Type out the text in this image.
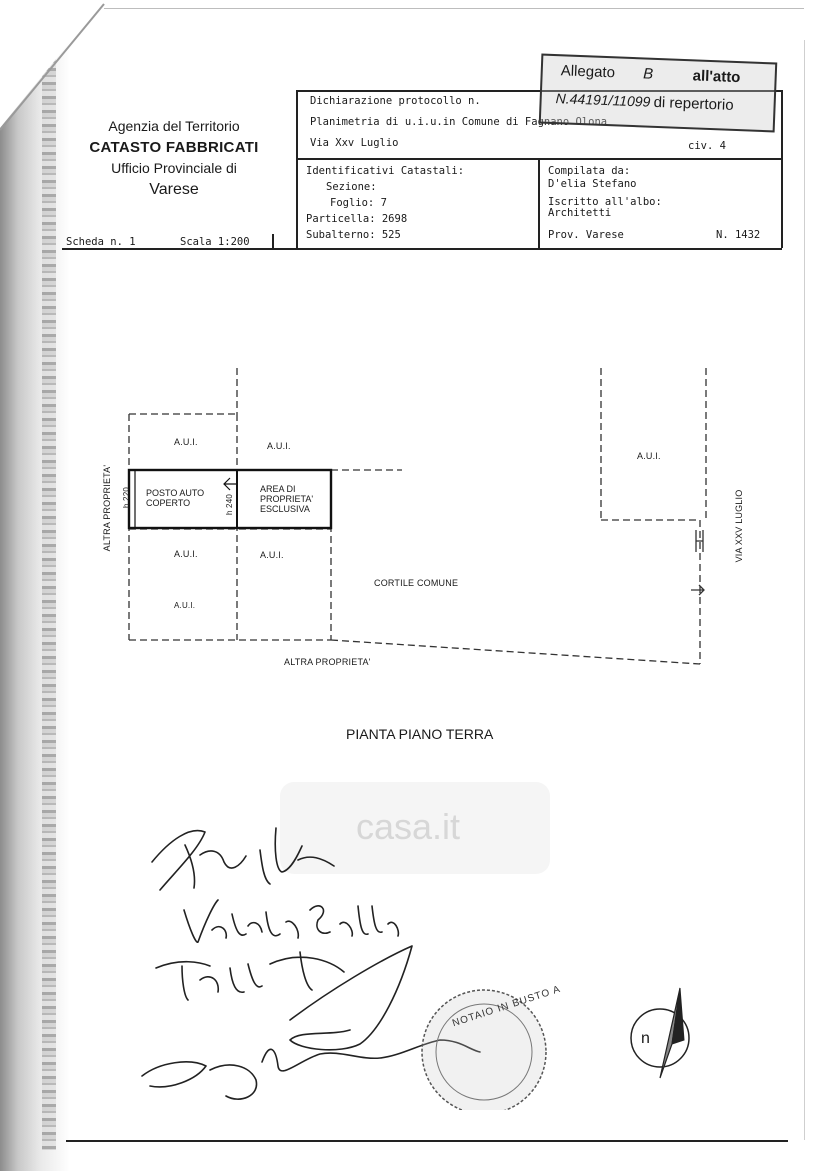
Agenzia del Territorio
CATASTO FABBRICATI
Ufficio Provinciale di
Varese
Scheda n. 1	Scala 1:200
Dichiarazione protocollo n.
Planimetria di u.i.u.in Comune di Fagnano Olona
Via Xxv Luglio	civ. 4
Identificativi Catastali:
Sezione:
Foglio: 7
Particella: 2698
Subalterno: 525
Compilata da:
D'elia Stefano
Iscritto all'albo:
Architetti
Prov. Varese	N. 1432
Allegato B	all'atto
N.44191/11099 di repertorio
A.U.I.	A.U.I.
A.U.I.
A.U.I.	A.U.I.
A.U.I.
POSTO AUTO
COPERTO
AREA DI
PROPRIETA'
ESCLUSIVA
h 220	h 240
CORTILE COMUNE
ALTRA PROPRIETA'
ALTRA PROPRIETA'	VIA XXV LUGLIO
PIANTA PIANO TERRA
casa.it
NOTAIO IN BUSTO A
n
